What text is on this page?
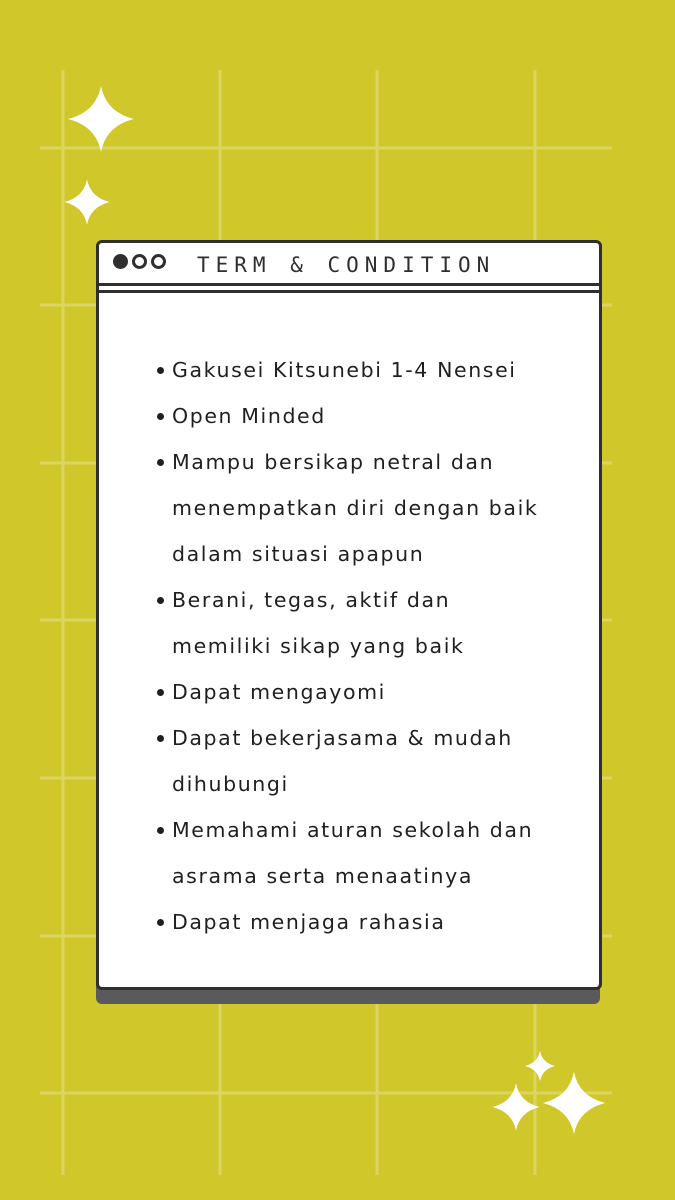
TERM & CONDITION
Gakusei Kitsunebi 1-4 Nensei
Open Minded
Mampu bersikap netral dan
menempatkan diri dengan baik
dalam situasi apapun
Berani, tegas, aktif dan
memiliki sikap yang baik
Dapat mengayomi
Dapat bekerjasama & mudah
dihubungi
Memahami aturan sekolah dan
asrama serta menaatinya
Dapat menjaga rahasia
